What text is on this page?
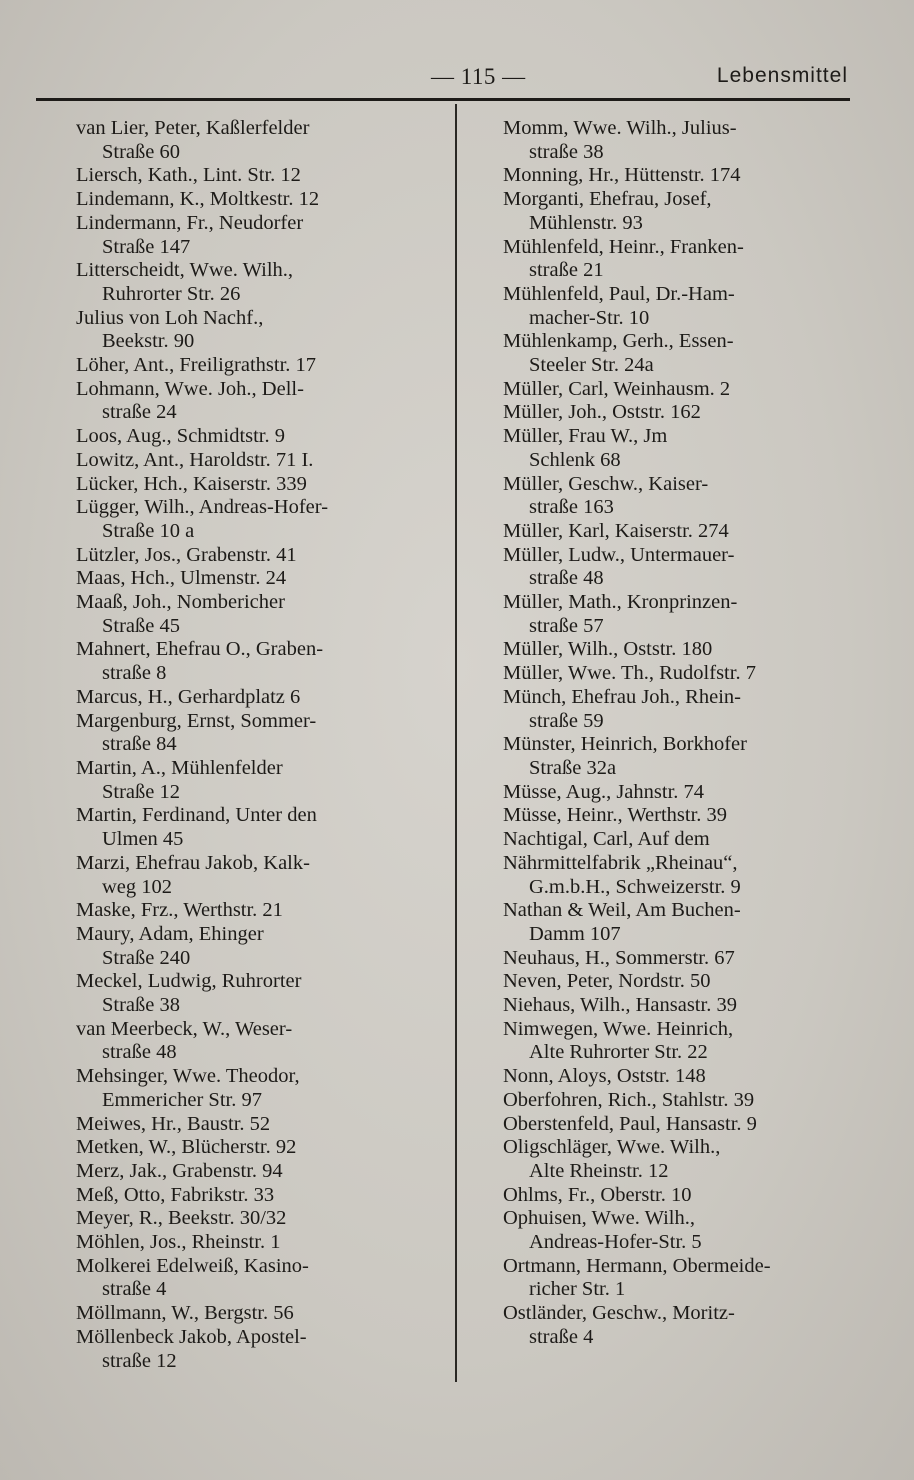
— 115 —	Lebensmittel
van Lier, Peter, Kaßlerfelder
Straße 60
Liersch, Kath., Lint. Str. 12
Lindemann, K., Moltkestr. 12
Lindermann, Fr., Neudorfer
Straße 147
Litterscheidt, Wwe. Wilh.,
Ruhrorter Str. 26
Julius von Loh Nachf.,
Beekstr. 90
Löher, Ant., Freiligrathstr. 17
Lohmann, Wwe. Joh., Dell-
straße 24
Loos, Aug., Schmidtstr. 9
Lowitz, Ant., Haroldstr. 71 I.
Lücker, Hch., Kaiserstr. 339
Lügger, Wilh., Andreas-Hofer-
Straße 10 a
Lützler, Jos., Grabenstr. 41
Maas, Hch., Ulmenstr. 24
Maaß, Joh., Nombericher
Straße 45
Mahnert, Ehefrau O., Graben-
straße 8
Marcus, H., Gerhardplatz 6
Margenburg, Ernst, Sommer-
straße 84
Martin, A., Mühlenfelder
Straße 12
Martin, Ferdinand, Unter den
Ulmen 45
Marzi, Ehefrau Jakob, Kalk-
weg 102
Maske, Frz., Werthstr. 21
Maury, Adam, Ehinger
Straße 240
Meckel, Ludwig, Ruhrorter
Straße 38
van Meerbeck, W., Weser-
straße 48
Mehsinger, Wwe. Theodor,
Emmericher Str. 97
Meiwes, Hr., Baustr. 52
Metken, W., Blücherstr. 92
Merz, Jak., Grabenstr. 94
Meß, Otto, Fabrikstr. 33
Meyer, R., Beekstr. 30/32
Möhlen, Jos., Rheinstr. 1
Molkerei Edelweiß, Kasino-
straße 4
Möllmann, W., Bergstr. 56
Möllenbeck Jakob, Apostel-
straße 12
Momm, Wwe. Wilh., Julius-
straße 38
Monning, Hr., Hüttenstr. 174
Morganti, Ehefrau, Josef,
Mühlenstr. 93
Mühlenfeld, Heinr., Franken-
straße 21
Mühlenfeld, Paul, Dr.-Ham-
macher-Str. 10
Mühlenkamp, Gerh., Essen-
Steeler Str. 24a
Müller, Carl, Weinhausm. 2
Müller, Joh., Oststr. 162
Müller, Frau W., Jm
Schlenk 68
Müller, Geschw., Kaiser-
straße 163
Müller, Karl, Kaiserstr. 274
Müller, Ludw., Untermauer-
straße 48
Müller, Math., Kronprinzen-
straße 57
Müller, Wilh., Oststr. 180
Müller, Wwe. Th., Rudolfstr. 7
Münch, Ehefrau Joh., Rhein-
straße 59
Münster, Heinrich, Borkhofer
Straße 32a
Müsse, Aug., Jahnstr. 74
Müsse, Heinr., Werthstr. 39
Nachtigal, Carl, Auf dem
Nährmittelfabrik „Rheinau“,
G.m.b.H., Schweizerstr. 9
Nathan & Weil, Am Buchen-
Damm 107
Neuhaus, H., Sommerstr. 67
Neven, Peter, Nordstr. 50
Niehaus, Wilh., Hansastr. 39
Nimwegen, Wwe. Heinrich,
Alte Ruhrorter Str. 22
Nonn, Aloys, Oststr. 148
Oberfohren, Rich., Stahlstr. 39
Oberstenfeld, Paul, Hansastr. 9
Oligschläger, Wwe. Wilh.,
Alte Rheinstr. 12
Ohlms, Fr., Oberstr. 10
Ophuisen, Wwe. Wilh.,
Andreas-Hofer-Str. 5
Ortmann, Hermann, Obermeide-
richer Str. 1
Ostländer, Geschw., Moritz-
straße 4
